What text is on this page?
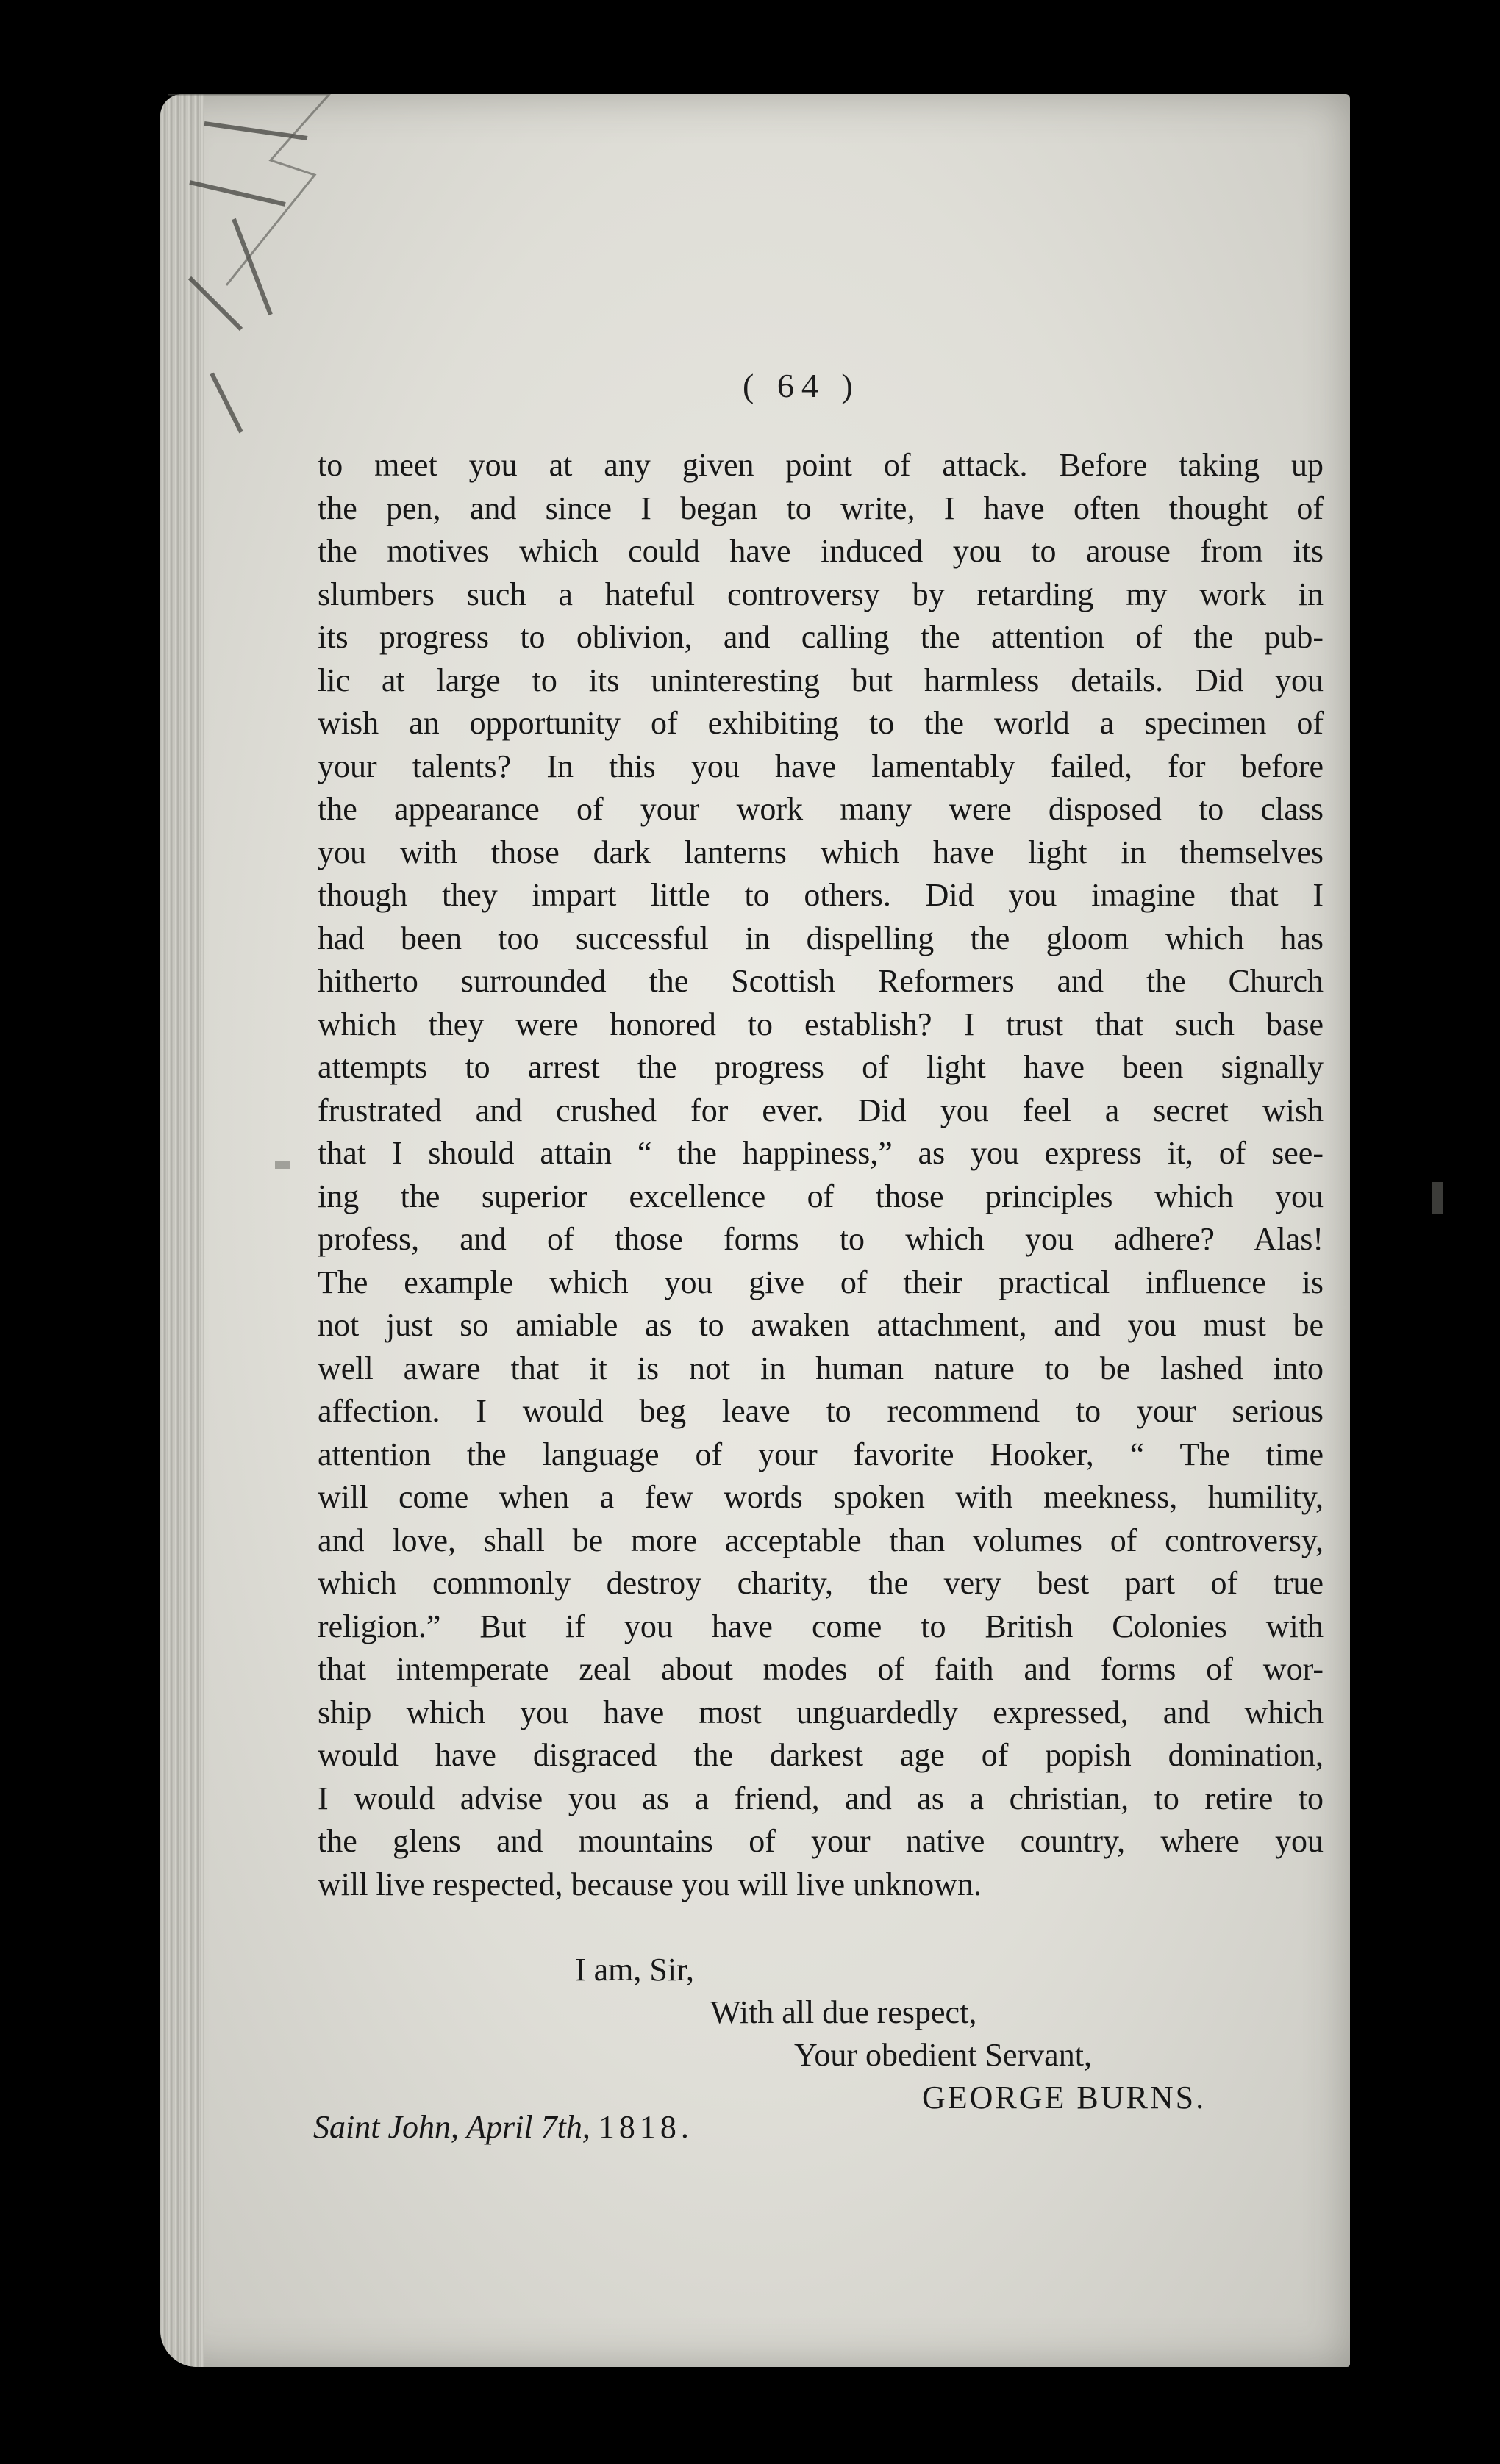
( 64 )
to meet you at any given point of attack. Before taking up
the pen, and since I began to write, I have often thought of
the motives which could have induced you to arouse from its
slumbers such a hateful controversy by retarding my work in
its progress to oblivion, and calling the attention of the pub-
lic at large to its uninteresting but harmless details. Did you
wish an opportunity of exhibiting to the world a specimen of
your talents? In this you have lamentably failed, for before
the appearance of your work many were disposed to class
you with those dark lanterns which have light in themselves
though they impart little to others. Did you imagine that I
had been too successful in dispelling the gloom which has
hitherto surrounded the Scottish Reformers and the Church
which they were honored to establish? I trust that such base
attempts to arrest the progress of light have been signally
frustrated and crushed for ever. Did you feel a secret wish
that I should attain “ the happiness,” as you express it, of see-
ing the superior excellence of those principles which you
profess, and of those forms to which you adhere? Alas!
The example which you give of their practical influence is
not just so amiable as to awaken attachment, and you must be
well aware that it is not in human nature to be lashed into
affection. I would beg leave to recommend to your serious
attention the language of your favorite Hooker, “ The time
will come when a few words spoken with meekness, humility,
and love, shall be more acceptable than volumes of controversy,
which commonly destroy charity, the very best part of true
religion.” But if you have come to British Colonies with
that intemperate zeal about modes of faith and forms of wor-
ship which you have most unguardedly expressed, and which
would have disgraced the darkest age of popish domination,
I would advise you as a friend, and as a christian, to retire to
the glens and mountains of your native country, where you
will live respected, because you will live unknown.
I am, Sir,
With all due respect,
Your obedient Servant,
GEORGE BURNS.
Saint John, April 7th, 1818.
